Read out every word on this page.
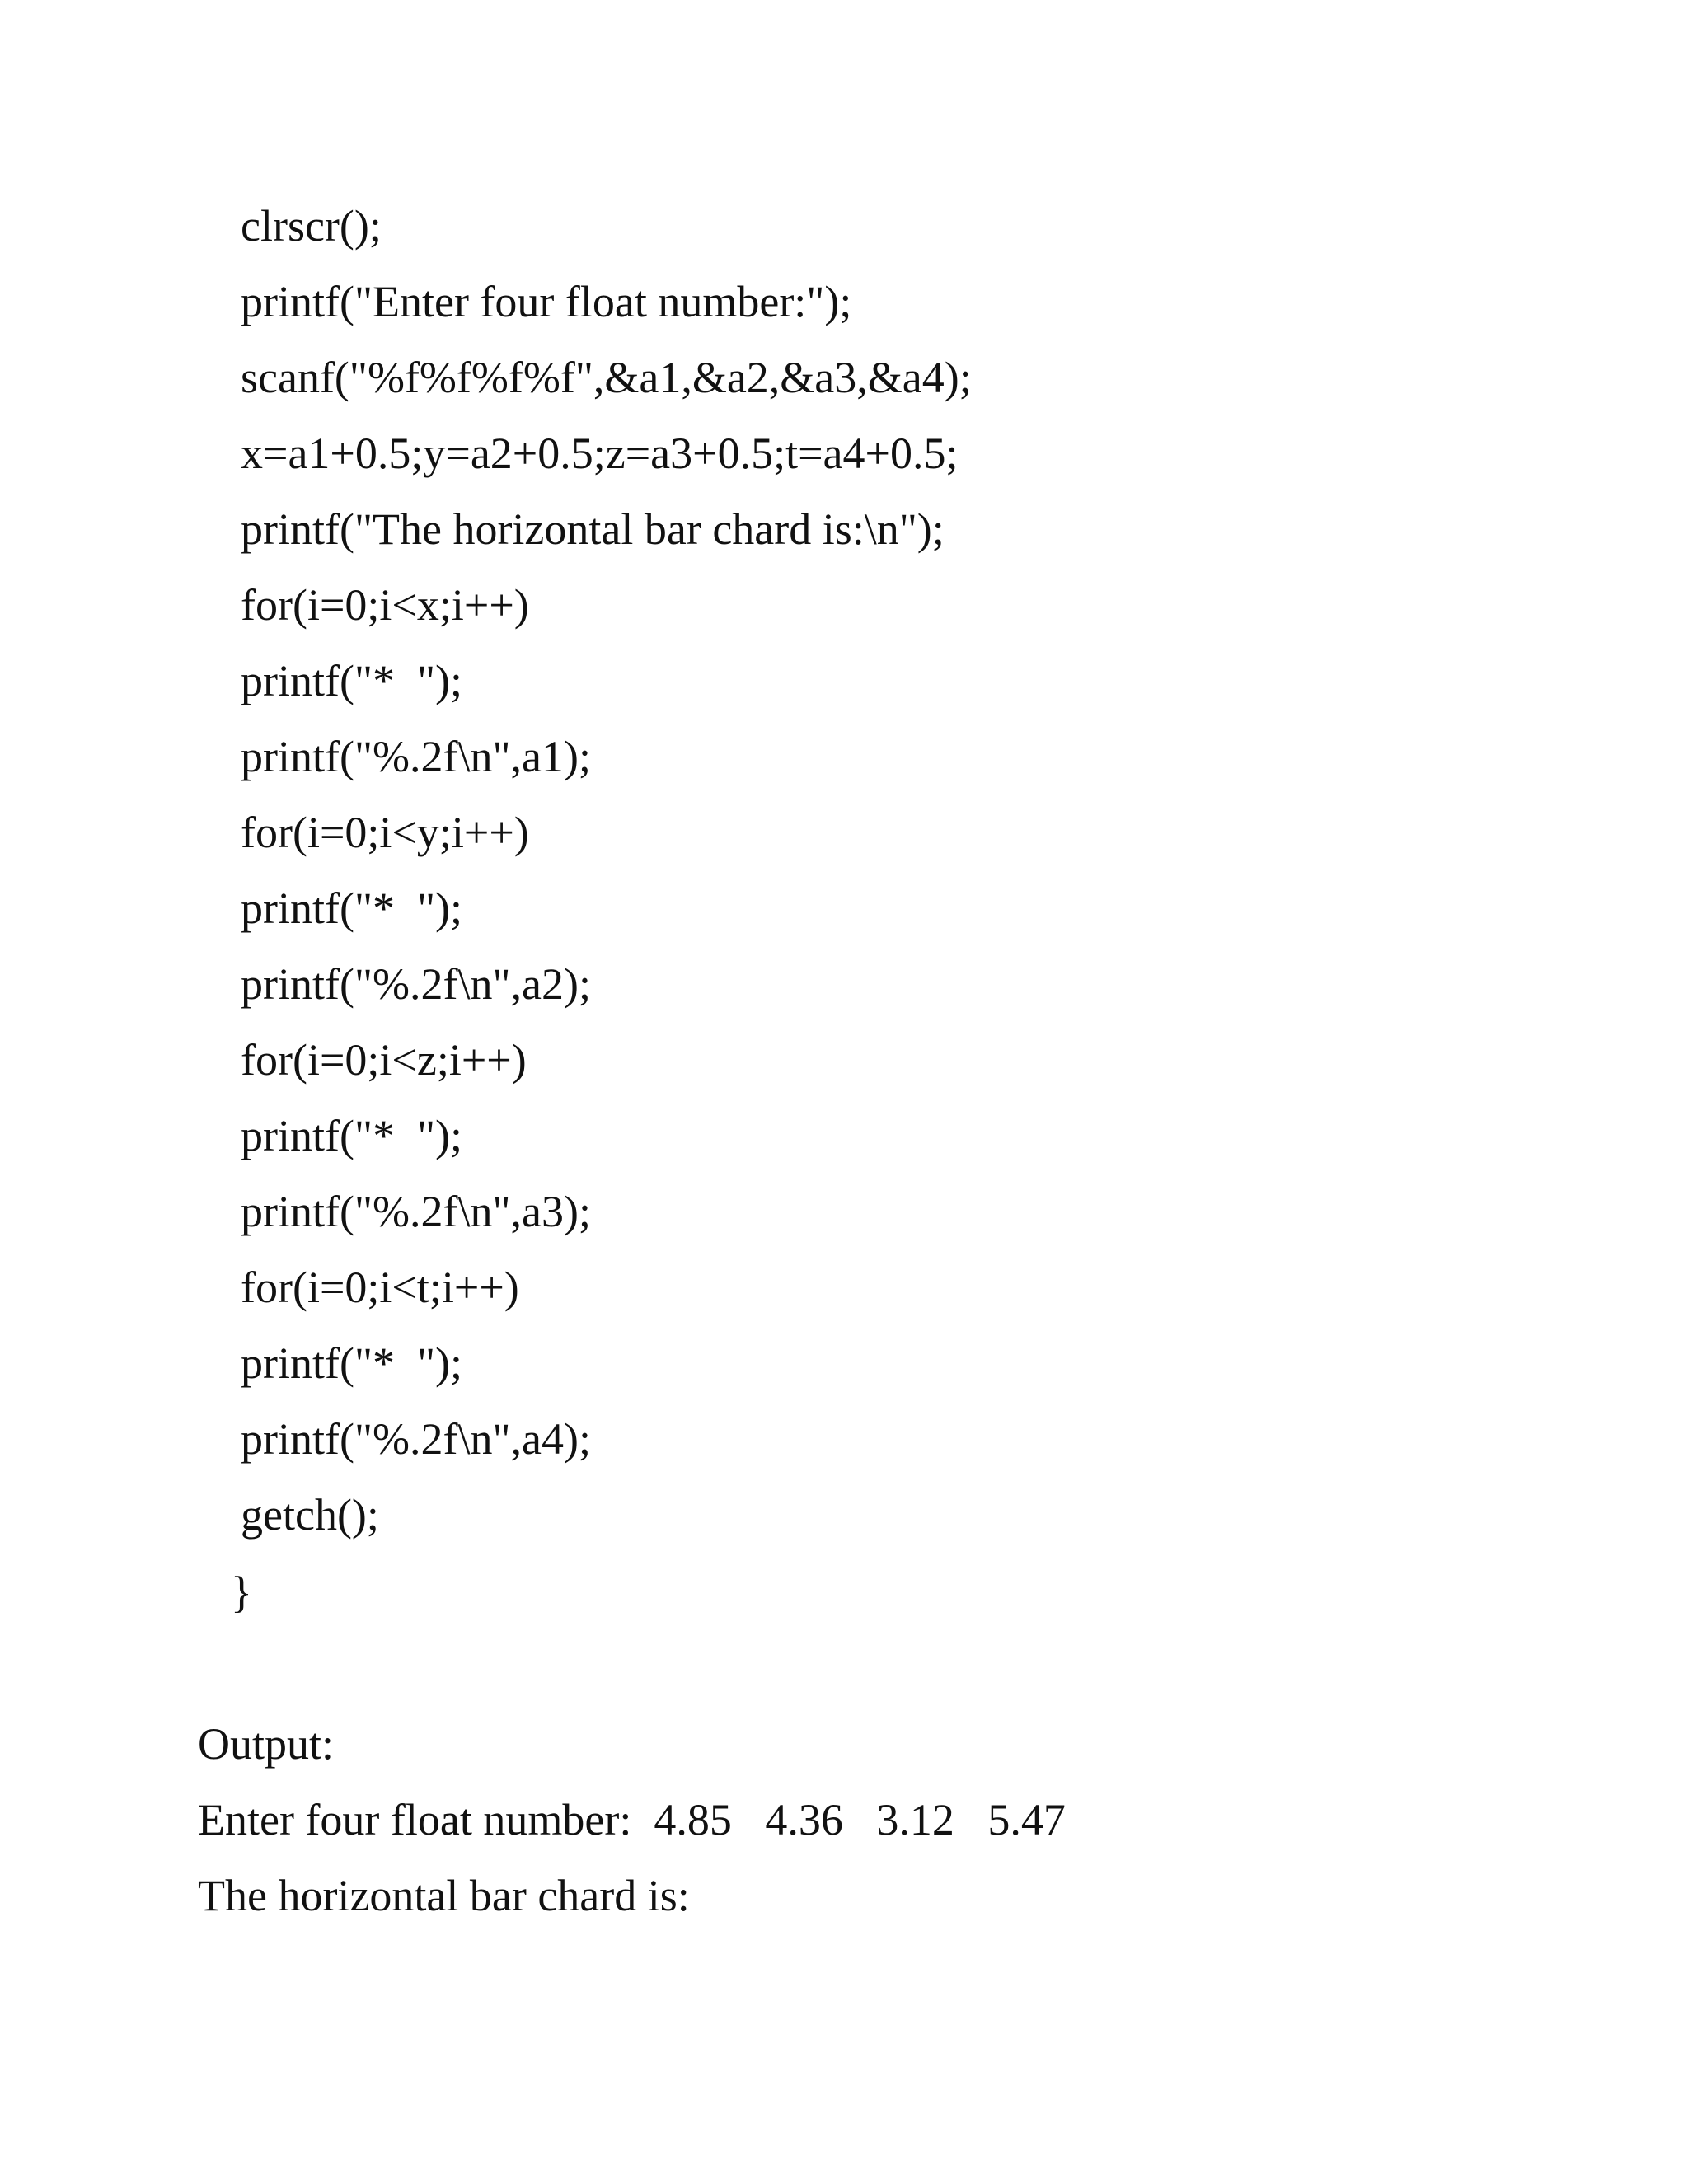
clrscr();
printf("Enter four float number:");
scanf("%f%f%f%f",&a1,&a2,&a3,&a4);
x=a1+0.5;y=a2+0.5;z=a3+0.5;t=a4+0.5;
printf("The horizontal bar chard is:\n");
for(i=0;i<x;i++)
printf("*  ");
printf("%.2f\n",a1);
for(i=0;i<y;i++)
printf("*  ");
printf("%.2f\n",a2);
for(i=0;i<z;i++)
printf("*  ");
printf("%.2f\n",a3);
for(i=0;i<t;i++)
printf("*  ");
printf("%.2f\n",a4);
getch();
}
Output:
Enter four float number:  4.85   4.36   3.12   5.47
The horizontal bar chard is:
